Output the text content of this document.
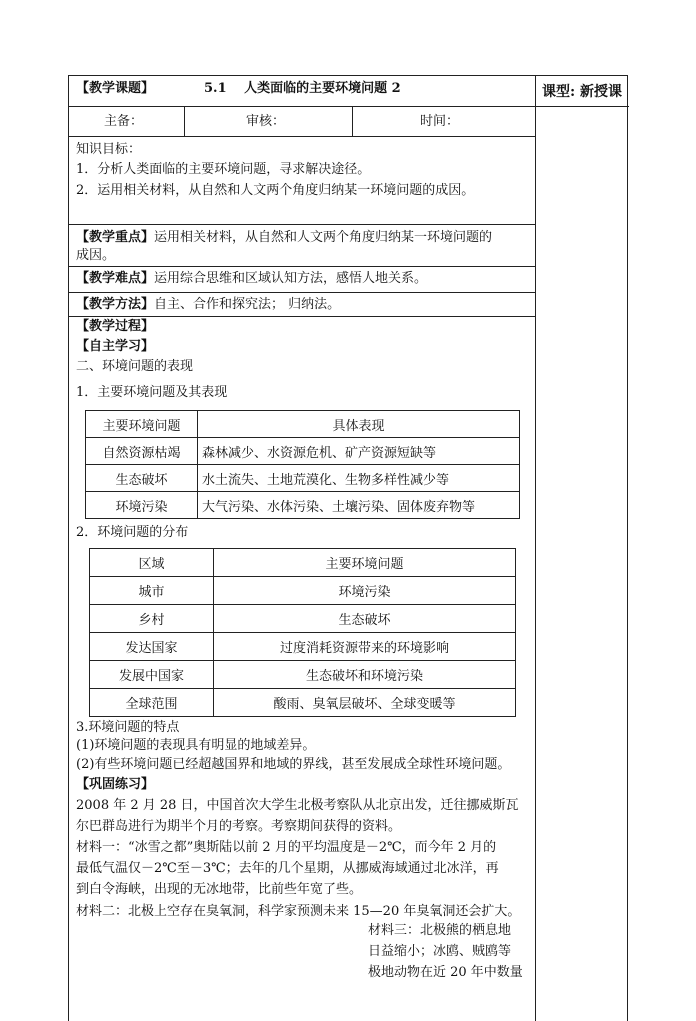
【教学课题】	5.1　 人类面临的主要环境问题 2	课型: 新授课
主备：	审核：	时间：
知识目标：
1．分析人类面临的主要环境问题，寻求解决途径。
2．运用相关材料，从自然和人文两个角度归纳某一环境问题的成因。
【教学重点】运用相关材料，从自然和人文两个角度归纳某一环境问题的
成因。
【教学难点】运用综合思维和区域认知方法，感悟人地关系。
【教学方法】自主、合作和探究法； 归纳法。
【教学过程】
【自主学习】
二、环境问题的表现
1．主要环境问题及其表现
主要环境问题	具体表现
自然资源枯竭	森林减少、水资源危机、矿产资源短缺等
生态破坏	水土流失、土地荒漠化、生物多样性减少等
环境污染	大气污染、水体污染、土壤污染、固体废弃物等
2．环境问题的分布
区域	主要环境问题
城市	环境污染
乡村	生态破坏
发达国家	过度消耗资源带来的环境影响
发展中国家	生态破坏和环境污染
全球范围	酸雨、臭氧层破坏、全球变暖等
3.环境问题的特点
(1)环境问题的表现具有明显的地域差异。
(2)有些环境问题已经超越国界和地域的界线，甚至发展成全球性环境问题。
【巩固练习】
2008 年 2 月 28 日，中国首次大学生北极考察队从北京出发，迁往挪威斯瓦
尔巴群岛进行为期半个月的考察。考察期间获得的资料。
材料一：“冰雪之都”奥斯陆以前 2 月的平均温度是－2℃，而今年 2 月的
最低气温仅－2℃至－3℃；去年的几个星期，从挪威海域通过北冰洋，再
到白令海峡，出现的无冰地带，比前些年宽了些。
材料二：北极上空存在臭氧洞，科学家预测未来 15—20 年臭氧洞还会扩大。
材料三：北极熊的栖息地
日益缩小；冰鸥、贼鸥等
极地动物在近 20 年中数量
